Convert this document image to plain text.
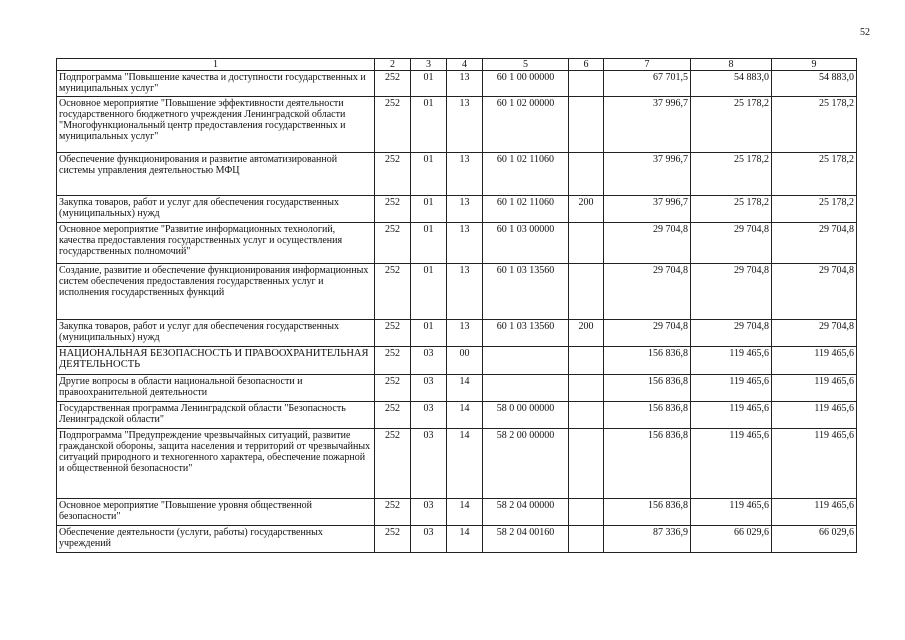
52
1	2	3	4	5	6	7	8	9
Подпрограмма "Повышение качества и доступности государственных и муниципальных услуг"	252	01	13	60 1 00 00000		67 701,5	54 883,0	54 883,0
Основное мероприятие "Повышение эффективности деятельности государственного бюджетного учреждения Ленинградской области "Многофункциональный центр предоставления государственных и муниципальных услуг"	252	01	13	60 1 02 00000		37 996,7	25 178,2	25 178,2
Обеспечение функционирования и развитие автоматизированной системы управления деятельностью МФЦ	252	01	13	60 1 02 11060		37 996,7	25 178,2	25 178,2
Закупка товаров, работ и услуг для обеспечения государственных (муниципальных) нужд	252	01	13	60 1 02 11060	200	37 996,7	25 178,2	25 178,2
Основное мероприятие "Развитие информационных технологий, качества предоставления государственных услуг и осуществления государственных полномочий"	252	01	13	60 1 03 00000		29 704,8	29 704,8	29 704,8
Создание, развитие и обеспечение функционирования информационных систем обеспечения предоставления государственных услуг и исполнения государственных функций	252	01	13	60 1 03 13560		29 704,8	29 704,8	29 704,8
Закупка товаров, работ и услуг для обеспечения государственных (муниципальных) нужд	252	01	13	60 1 03 13560	200	29 704,8	29 704,8	29 704,8
НАЦИОНАЛЬНАЯ БЕЗОПАСНОСТЬ И ПРАВООХРАНИТЕЛЬНАЯ ДЕЯТЕЛЬНОСТЬ	252	03	00			156 836,8	119 465,6	119 465,6
Другие вопросы в области национальной безопасности и правоохранительной деятельности	252	03	14			156 836,8	119 465,6	119 465,6
Государственная программа Ленинградской области "Безопасность Ленинградской области"	252	03	14	58 0 00 00000		156 836,8	119 465,6	119 465,6
Подпрограмма "Предупреждение чрезвычайных ситуаций, развитие гражданской обороны, защита населения и территорий от чрезвычайных ситуаций природного и техногенного характера, обеспечение пожарной и общественной безопасности"	252	03	14	58 2 00 00000		156 836,8	119 465,6	119 465,6
Основное мероприятие "Повышение уровня общественной безопасности"	252	03	14	58 2 04 00000		156 836,8	119 465,6	119 465,6
Обеспечение деятельности (услуги, работы) государственных учреждений	252	03	14	58 2 04 00160		87 336,9	66 029,6	66 029,6
